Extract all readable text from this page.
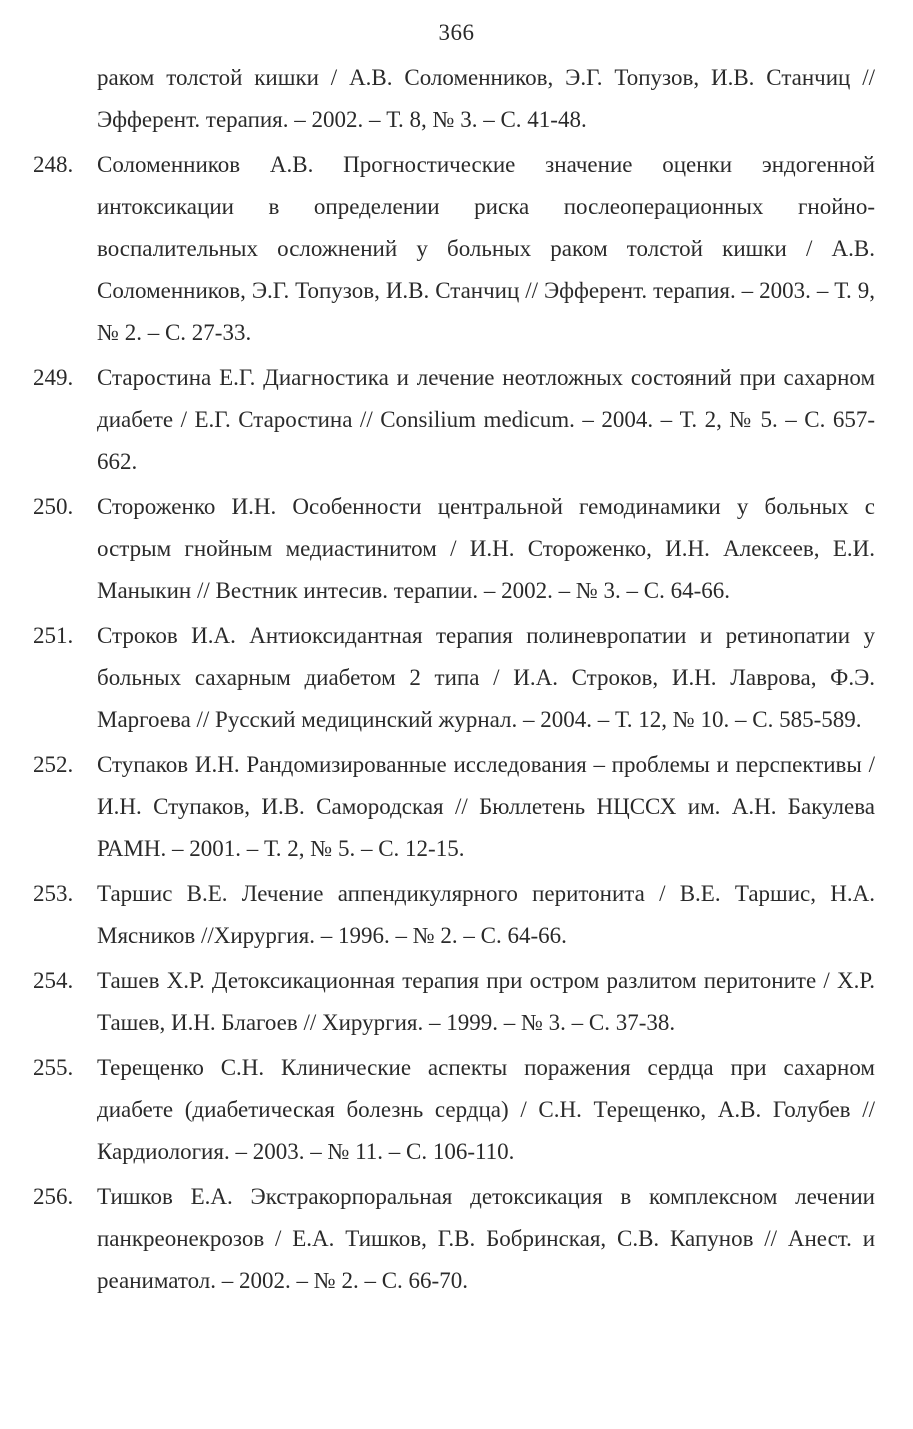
366
раком толстой кишки / А.В. Соломенников, Э.Г. Топузов, И.В. Станчиц // Эфферент. терапия. – 2002. – Т. 8, № 3. – С. 41-48.
248.	Соломенников А.В. Прогностические значение оценки эндогенной интоксикации в определении риска послеоперационных гнойно-воспалительных осложнений у больных раком толстой кишки / А.В. Соломенников, Э.Г. Топузов, И.В. Станчиц // Эфферент. терапия. – 2003. – Т. 9, № 2. – С. 27-33.
249.	Старостина Е.Г. Диагностика и лечение неотложных состояний при сахарном диабете / Е.Г. Старостина // Consilium medicum. – 2004. – Т. 2, № 5. – С. 657-662.
250.	Стороженко И.Н. Особенности центральной гемодинамики у больных с острым гнойным медиастинитом / И.Н. Стороженко, И.Н. Алексеев, Е.И. Маныкин // Вестник интесив. терапии. – 2002. – № 3. – С. 64-66.
251.	Строков И.А. Антиоксидантная терапия полиневропатии и ретинопатии у больных сахарным диабетом 2 типа / И.А. Строков, И.Н. Лаврова, Ф.Э. Маргоева // Русский медицинский журнал. – 2004. – Т. 12, № 10. – С. 585-589.
252.	Ступаков И.Н. Рандомизированные исследования – проблемы и перспективы / И.Н. Ступаков, И.В. Самородская // Бюллетень НЦССХ им. А.Н. Бакулева РАМН. – 2001. – Т. 2, № 5. – С. 12-15.
253.	Таршис В.Е. Лечение аппендикулярного перитонита / В.Е. Таршис, Н.А. Мясников //Хирургия. – 1996. – № 2. – С. 64-66.
254.	Ташев Х.Р. Детоксикационная терапия при остром разлитом перитоните / Х.Р. Ташев, И.Н. Благоев // Хирургия. – 1999. – № 3. – С. 37-38.
255.	Терещенко С.Н. Клинические аспекты поражения сердца при сахарном диабете (диабетическая болезнь сердца) / С.Н. Терещенко, А.В. Голубев // Кардиология. – 2003. – № 11. – С. 106-110.
256.	Тишков Е.А. Экстракорпоральная детоксикация в комплексном лечении панкреонекрозов / Е.А. Тишков, Г.В. Бобринская, С.В. Капунов // Анест. и реаниматол. – 2002. – № 2. – С. 66-70.
